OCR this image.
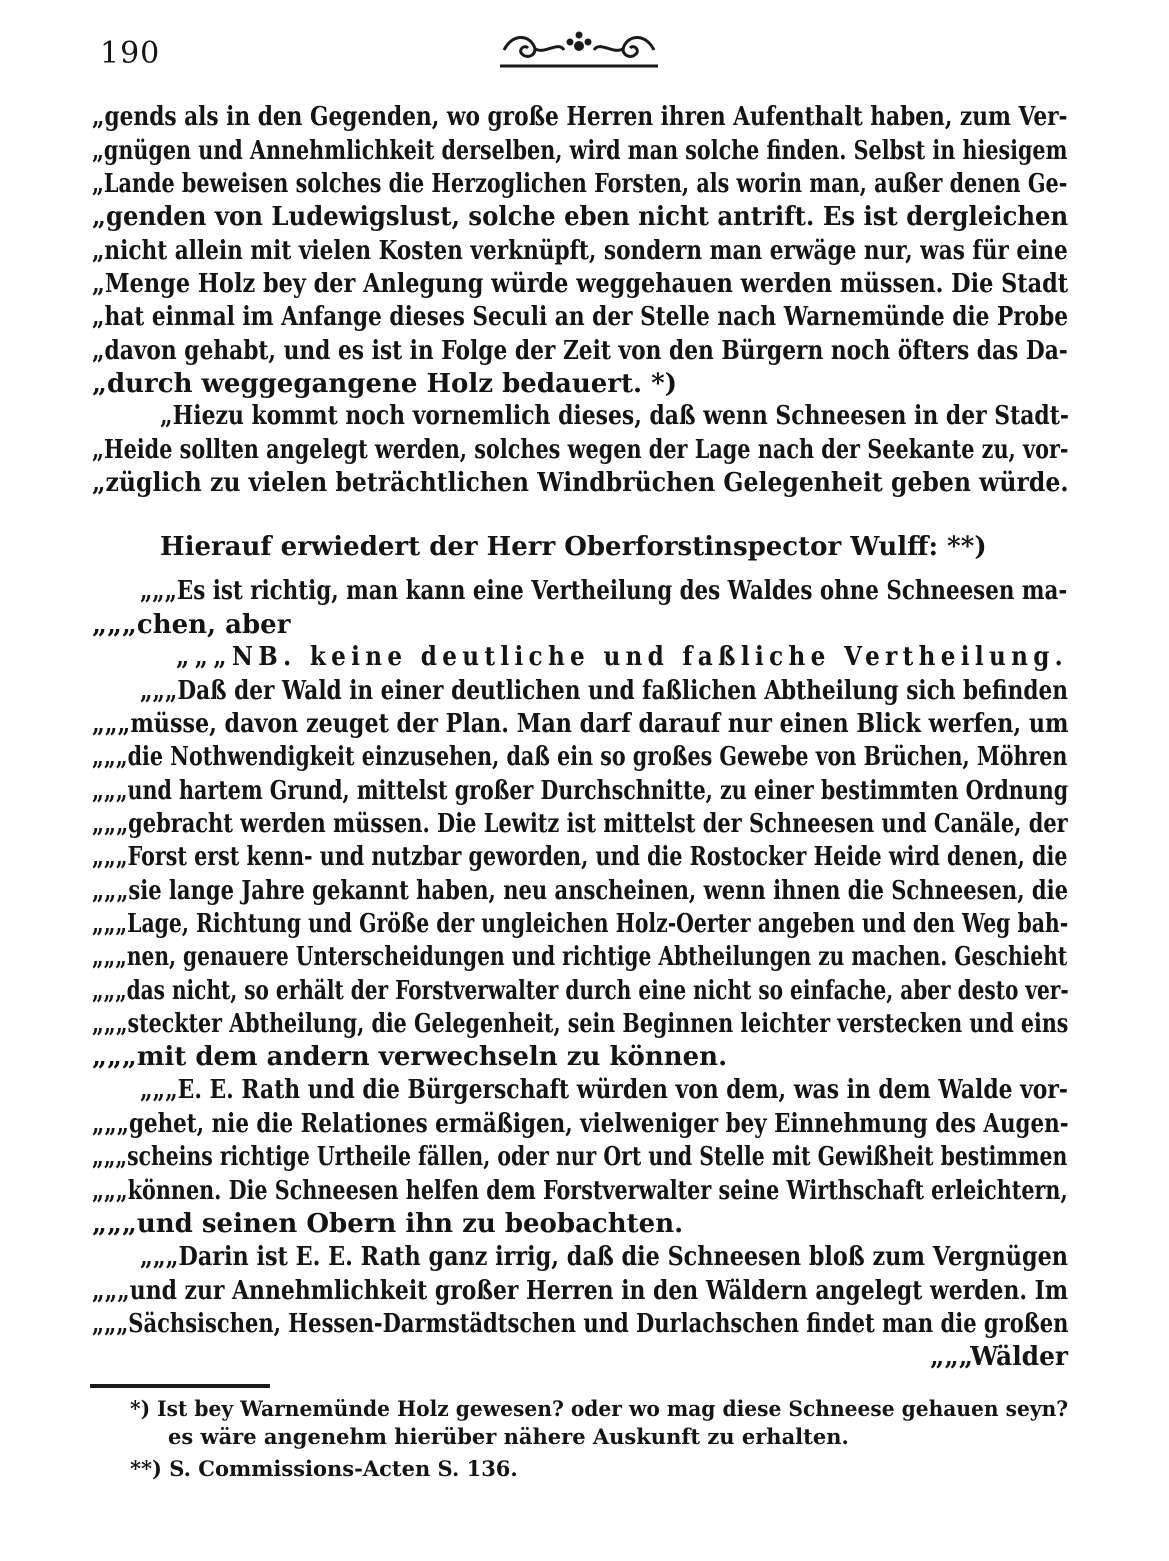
190
„gends als in den Gegenden, wo große Herren ihren Aufenthalt haben, zum Ver-
„gnügen und Annehmlichkeit derselben, wird man solche finden. Selbst in hiesigem
„Lande beweisen solches die Herzoglichen Forsten, als worin man, außer denen Ge-
„genden von Ludewigslust, solche eben nicht antrift. Es ist dergleichen
„nicht allein mit vielen Kosten verknüpft, sondern man erwäge nur, was für eine
„Menge Holz bey der Anlegung würde weggehauen werden müssen. Die Stadt
„hat einmal im Anfange dieses Seculi an der Stelle nach Warnemünde die Probe
„davon gehabt, und es ist in Folge der Zeit von den Bürgern noch öfters das Da-
„durch weggegangene Holz bedauert. *)
„Hiezu kommt noch vornemlich dieses, daß wenn Schneesen in der Stadt-
„Heide sollten angelegt werden, solches wegen der Lage nach der Seekante zu, vor-
„züglich zu vielen beträchtlichen Windbrüchen Gelegenheit geben würde.
Hierauf erwiedert der Herr Oberforstinspector Wulff: **)
„„„Es ist richtig, man kann eine Vertheilung des Waldes ohne Schneesen ma-
„„„chen, aber
„„„NB. keine deutliche und faßliche Vertheilung.
„„„Daß der Wald in einer deutlichen und faßlichen Abtheilung sich befinden
„„„müsse, davon zeuget der Plan. Man darf darauf nur einen Blick werfen, um
„„„die Nothwendigkeit einzusehen, daß ein so großes Gewebe von Brüchen, Möhren
„„„und hartem Grund, mittelst großer Durchschnitte, zu einer bestimmten Ordnung
„„„gebracht werden müssen. Die Lewitz ist mittelst der Schneesen und Canäle, der
„„„Forst erst kenn- und nutzbar geworden, und die Rostocker Heide wird denen, die
„„„sie lange Jahre gekannt haben, neu anscheinen, wenn ihnen die Schneesen, die
„„„Lage, Richtung und Größe der ungleichen Holz-Oerter angeben und den Weg bah-
„„„nen, genauere Unterscheidungen und richtige Abtheilungen zu machen. Geschieht
„„„das nicht, so erhält der Forstverwalter durch eine nicht so einfache, aber desto ver-
„„„steckter Abtheilung, die Gelegenheit, sein Beginnen leichter verstecken und eins
„„„mit dem andern verwechseln zu können.
„„„E. E. Rath und die Bürgerschaft würden von dem, was in dem Walde vor-
„„„gehet, nie die Relationes ermäßigen, vielweniger bey Einnehmung des Augen-
„„„scheins richtige Urtheile fällen, oder nur Ort und Stelle mit Gewißheit bestimmen
„„„können. Die Schneesen helfen dem Forstverwalter seine Wirthschaft erleichtern,
„„„und seinen Obern ihn zu beobachten.
„„„Darin ist E. E. Rath ganz irrig, daß die Schneesen bloß zum Vergnügen
„„„und zur Annehmlichkeit großer Herren in den Wäldern angelegt werden. Im
„„„Sächsischen, Hessen-Darmstädtschen und Durlachschen findet man die großen
„„„Wälder
*) Ist bey Warnemünde Holz gewesen? oder wo mag diese Schneese gehauen seyn?
es wäre angenehm hierüber nähere Auskunft zu erhalten.
**) S. Commissions-Acten S. 136.
